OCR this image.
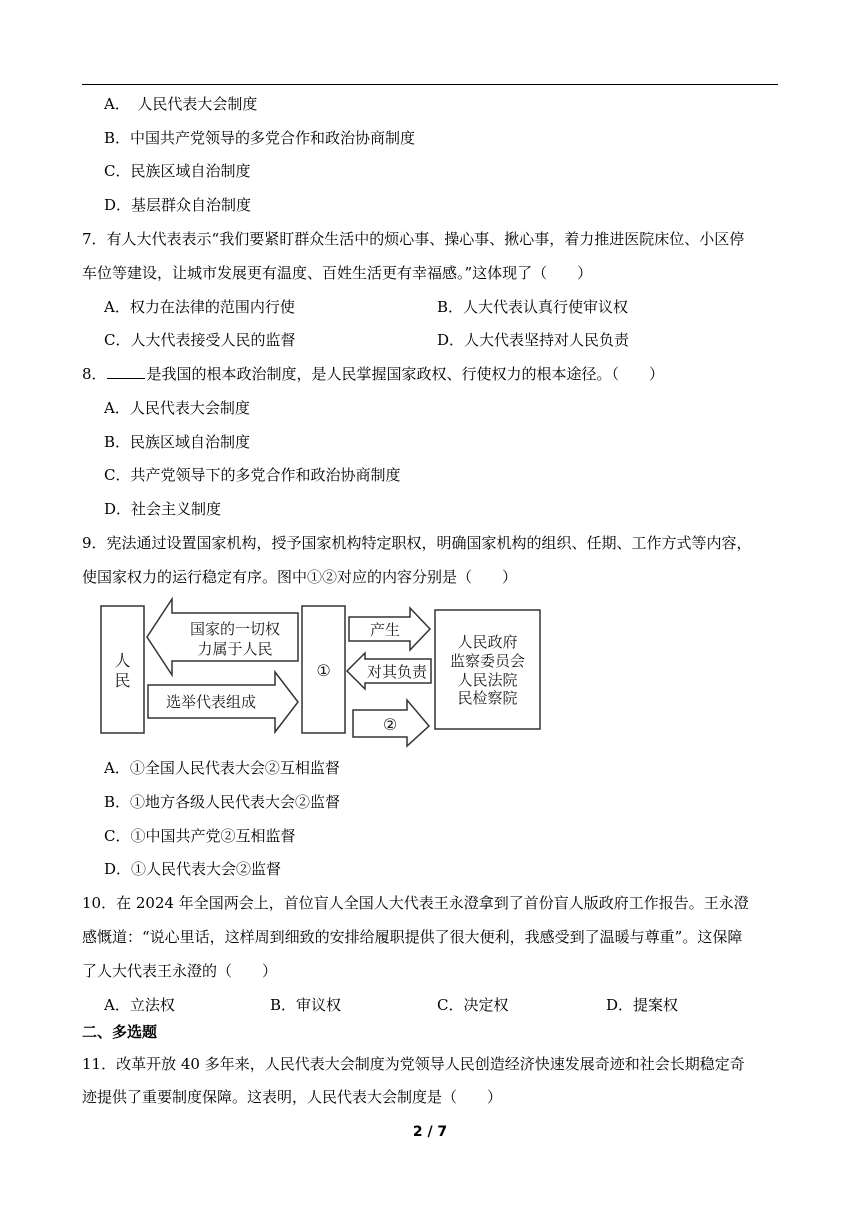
A．　人民代表大会制度
B．中国共产党领导的多党合作和政治协商制度
C．民族区域自治制度
D．基层群众自治制度
7．有人大代表表示“我们要紧盯群众生活中的烦心事、操心事、揪心事，着力推进医院床位、小区停
车位等建设，让城市发展更有温度、百姓生活更有幸福感。”这体现了（　　）
A．权力在法律的范围内行使	B．人大代表认真行使审议权
C．人大代表接受人民的监督	D．人大代表坚持对人民负责
8．	是我国的根本政治制度，是人民掌握国家政权、行使权力的根本途径。（　　）
A．人民代表大会制度
B．民族区域自治制度
C．共产党领导下的多党合作和政治协商制度
D．社会主义制度
9．宪法通过设置国家机构，授予国家机构特定职权，明确国家机构的组织、任期、工作方式等内容，
使国家权力的运行稳定有序。图中①②对应的内容分别是（　　）
人
民
国家的一切权
力属于人民
选举代表组成
①
产生
对其负责
②
人民政府
监察委员会
人民法院
民检察院
A．①全国人民代表大会②互相监督
B．①地方各级人民代表大会②监督
C．①中国共产党②互相监督
D．①人民代表大会②监督
10．在 2024 年全国两会上，首位盲人全国人大代表王永澄拿到了首份盲人版政府工作报告。王永澄
感慨道：“说心里话，这样周到细致的安排给履职提供了很大便利，我感受到了温暖与尊重”。这保障
了人大代表王永澄的（　　）
A．立法权	B．审议权	C．决定权	D．提案权
二、多选题
11．改革开放 40 多年来，人民代表大会制度为党领导人民创造经济快速发展奇迹和社会长期稳定奇
迹提供了重要制度保障。这表明，人民代表大会制度是（　　）
2 / 7
